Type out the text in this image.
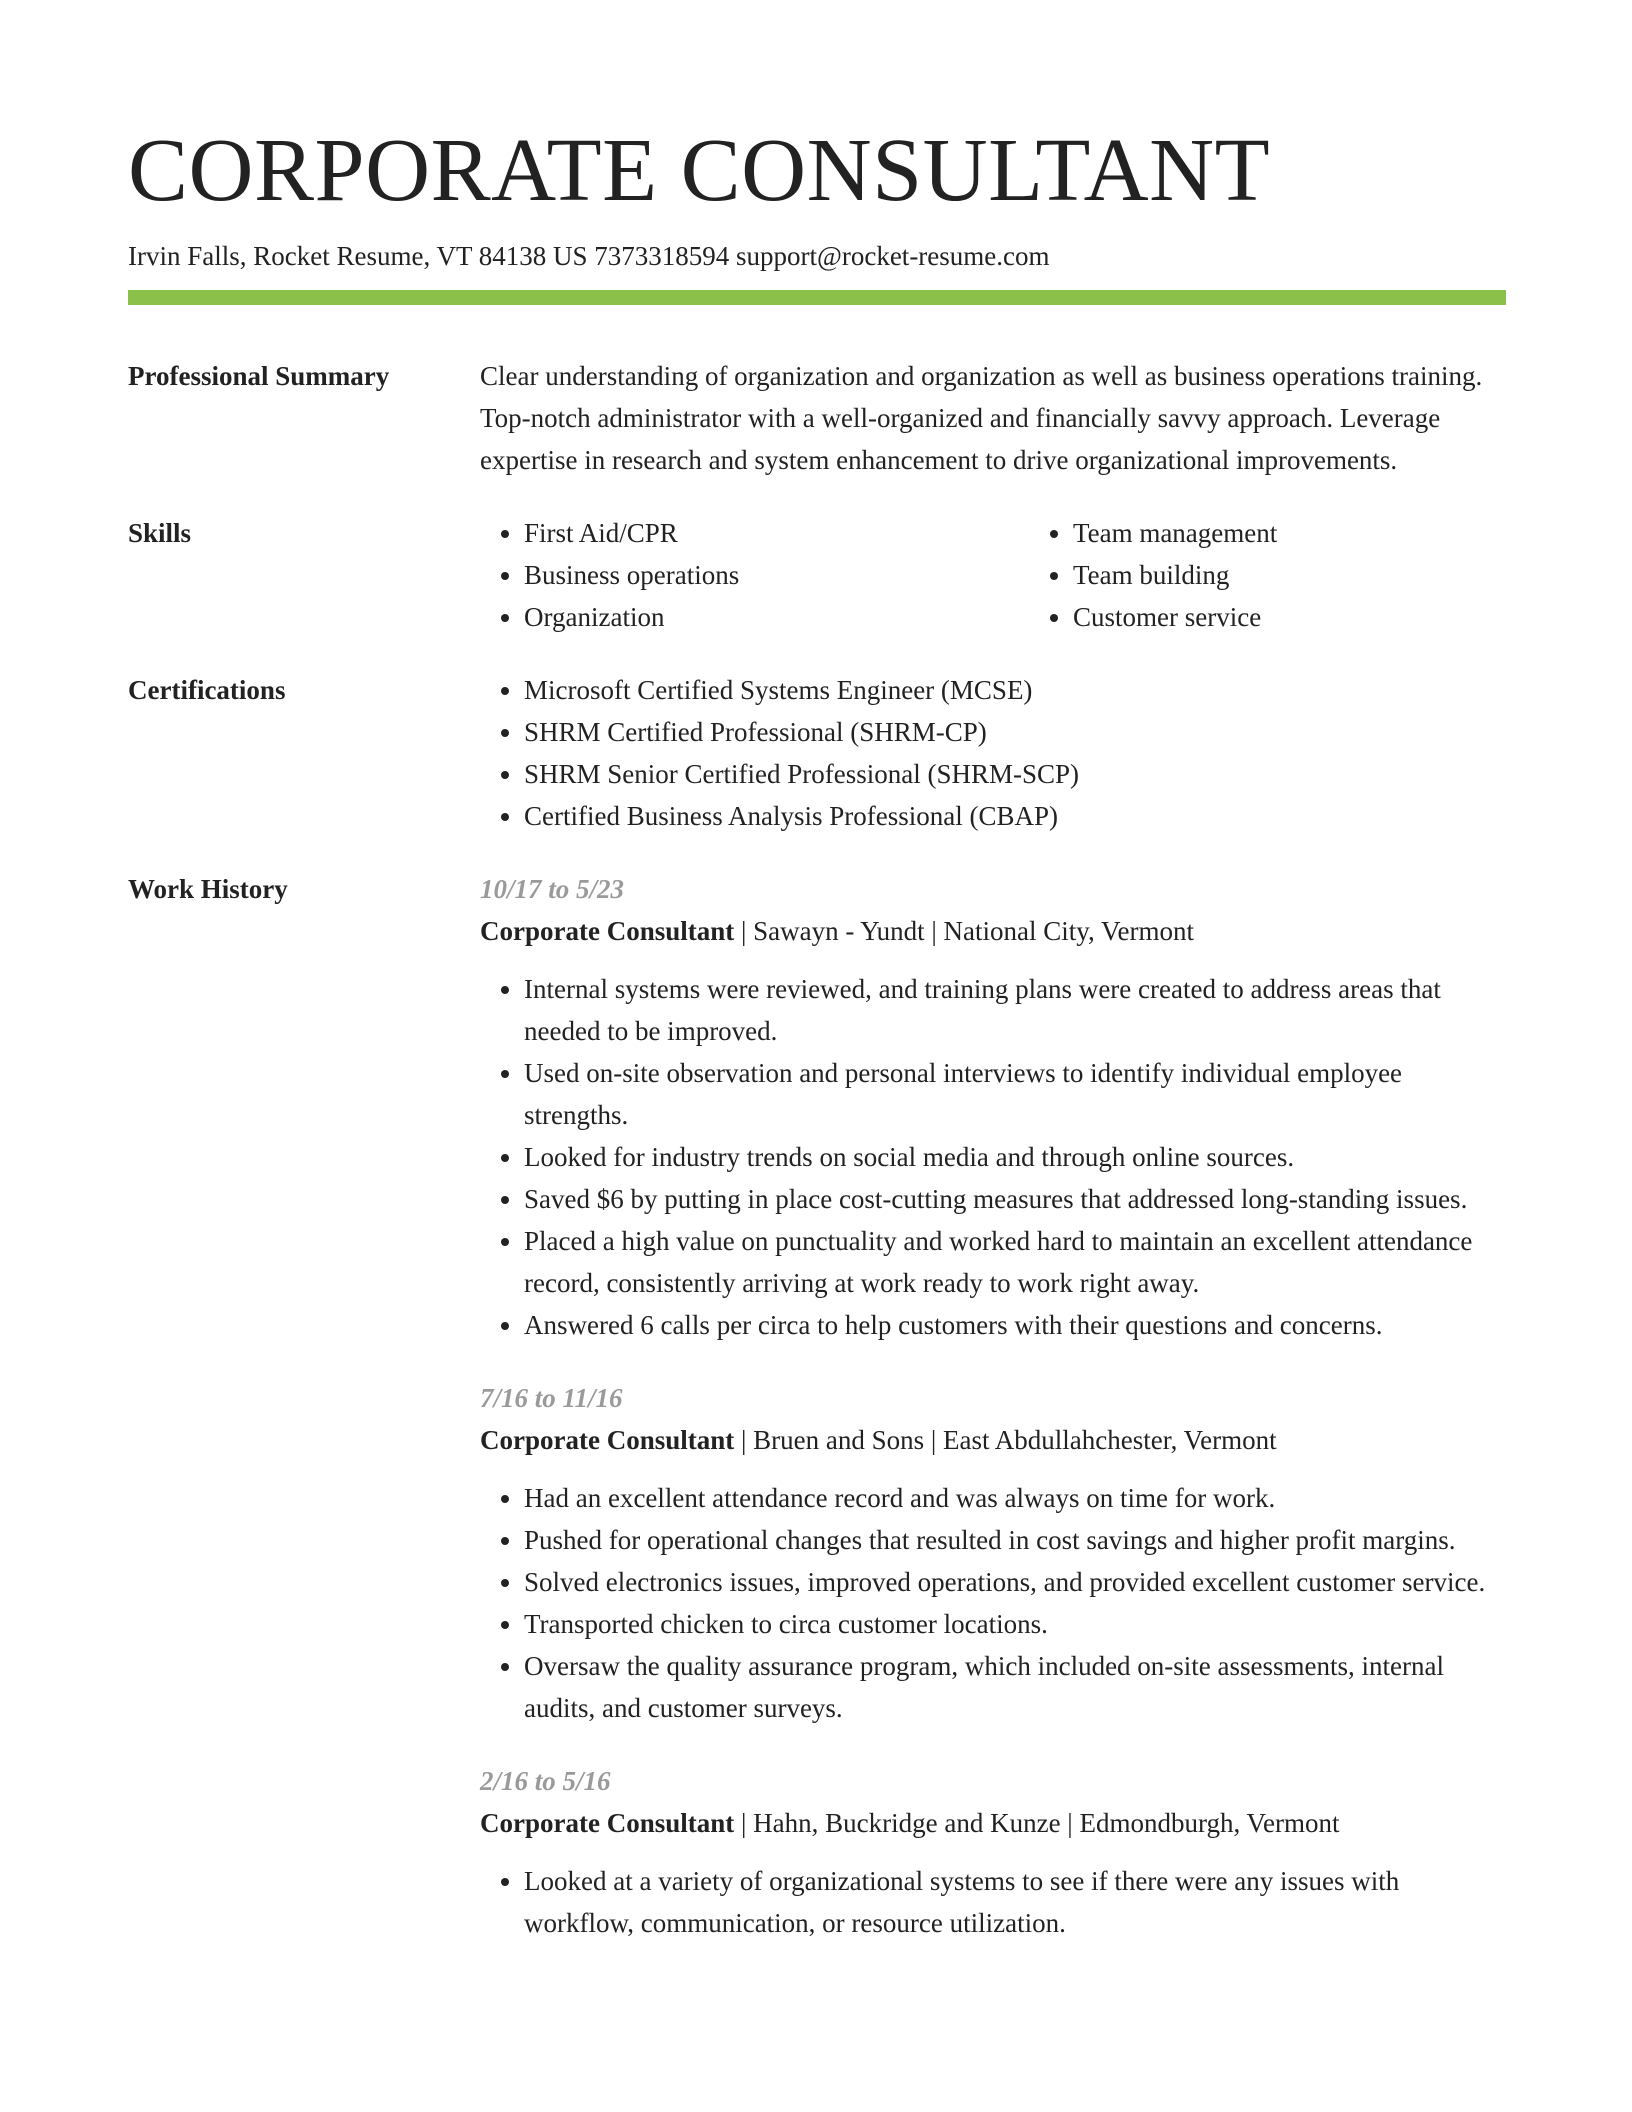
CORPORATE CONSULTANT
Irvin Falls, Rocket Resume, VT 84138 US 7373318594 support@rocket-resume.com
Professional Summary	Clear understanding of organization and organization as well as business operations training. Top-notch administrator with a well-organized and financially savvy approach. Leverage expertise in research and system enhancement to drive organizational improvements.

Skills	• First Aid/CPR
• Business operations
• Organization
• Team management
• Team building
• Customer service
Certifications	• Microsoft Certified Systems Engineer (MCSE)
• SHRM Certified Professional (SHRM-CP)
• SHRM Senior Certified Professional (SHRM-SCP)
• Certified Business Analysis Professional (CBAP)
Work History	10/17 to 5/23
Corporate Consultant | Sawayn - Yundt | National City, Vermont
• Internal systems were reviewed, and training plans were created to address areas that needed to be improved.
• Used on-site observation and personal interviews to identify individual employee strengths.
• Looked for industry trends on social media and through online sources.
• Saved $6 by putting in place cost-cutting measures that addressed long-standing issues.
• Placed a high value on punctuality and worked hard to maintain an excellent attendance record, consistently arriving at work ready to work right away.
• Answered 6 calls per circa to help customers with their questions and concerns.
7/16 to 11/16
Corporate Consultant | Bruen and Sons | East Abdullahchester, Vermont
• Had an excellent attendance record and was always on time for work.
• Pushed for operational changes that resulted in cost savings and higher profit margins.
• Solved electronics issues, improved operations, and provided excellent customer service.
• Transported chicken to circa customer locations.
• Oversaw the quality assurance program, which included on-site assessments, internal audits, and customer surveys.
2/16 to 5/16
Corporate Consultant | Hahn, Buckridge and Kunze | Edmondburgh, Vermont
• Looked at a variety of organizational systems to see if there were any issues with workflow, communication, or resource utilization.
